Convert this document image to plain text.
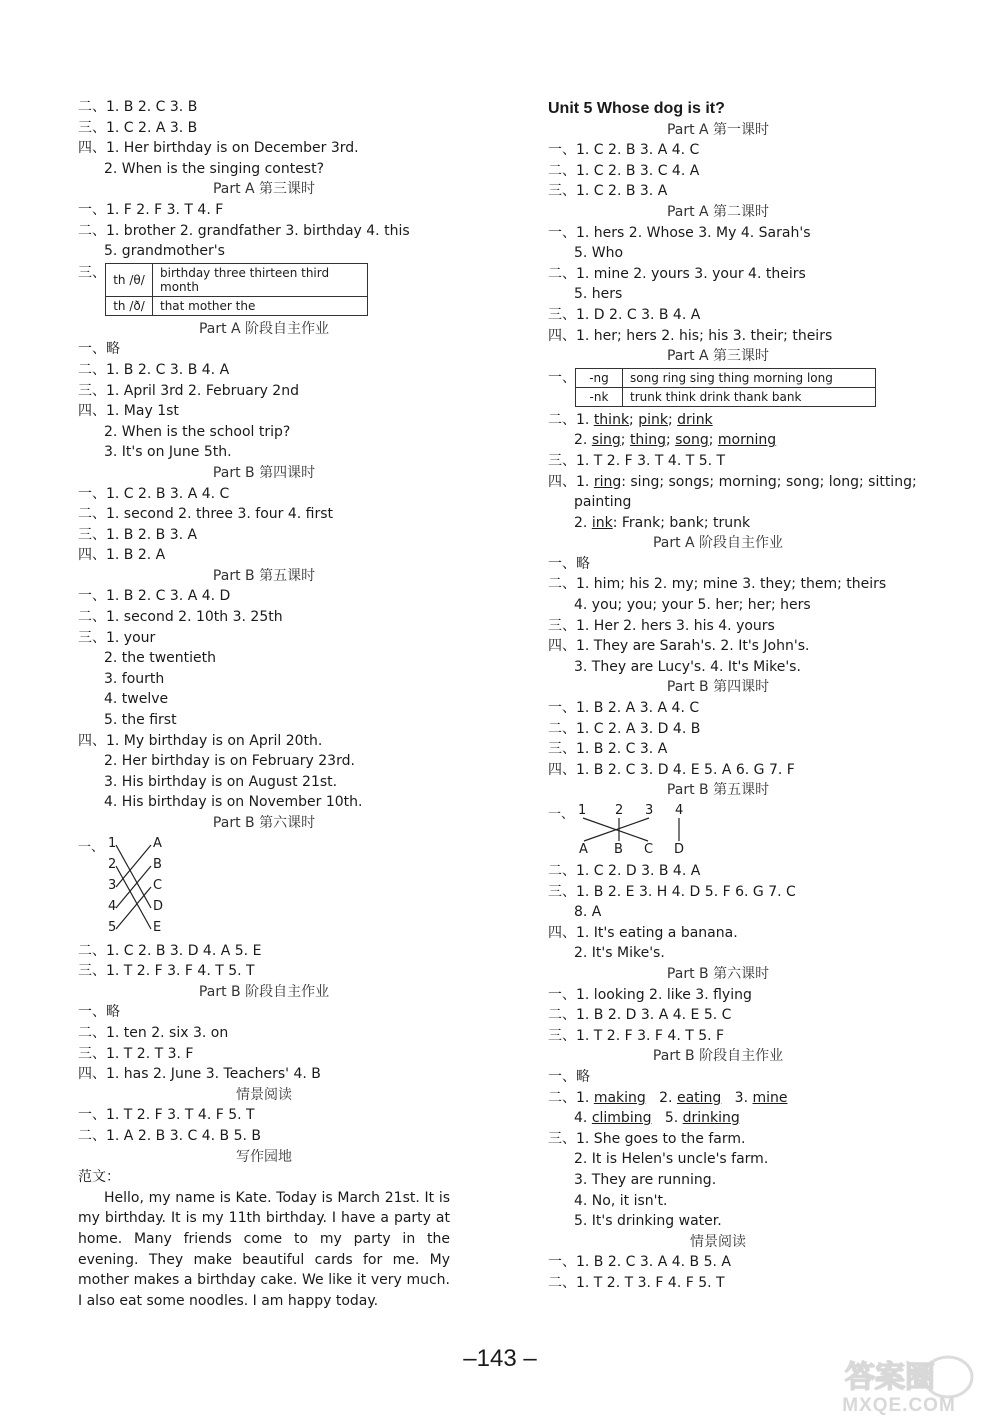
二、1. B 2. C 3. B
三、1. C 2. A 3. B
四、1. Her birthday is on December 3rd.
2. When is the singing contest?
Part A 第三课时
一、1. F 2. F 3. T 4. F
二、1. brother 2. grandfather 3. birthday 4. this
5. grandmother's
三、 th /θ/	birthday three thirteen third
month

th /ð/	that mother the
Part A 阶段自主作业
一、略
二、1. B 2. C 3. B 4. A
三、1. April 3rd 2. February 2nd
四、1. May 1st
2. When is the school trip?
3. It's on June 5th.
Part B 第四课时
一、1. C 2. B 3. A 4. C
二、1. second 2. three 3. four 4. first
三、1. B 2. B 3. A
四、1. B 2. A
Part B 第五课时
一、1. B 2. C 3. A 4. D
二、1. second 2. 10th 3. 25th
三、1. your
2. the twentieth
3. fourth
4. twelve
5. the first
四、1. My birthday is on April 20th.
2. Her birthday is on February 23rd.
3. His birthday is on August 21st.
4. His birthday is on November 10th.
Part B 第六课时
一、 1
2
3
4
5
A
B
C
D
E
二、1. C 2. B 3. D 4. A 5. E
三、1. T 2. F 3. F 4. T 5. T
Part B 阶段自主作业
一、略
二、1. ten 2. six 3. on
三、1. T 2. T 3. F
四、1. has 2. June 3. Teachers' 4. B
情景阅读
一、1. T 2. F 3. T 4. F 5. T
二、1. A 2. B 3. C 4. B 5. B
写作园地
范文：

Hello, my name is Kate. Today is March 21st. It is my birthday. It is my 11th birthday. I have a party at home. Many friends come to my party in the evening. They make beautiful cards for me. My mother makes a birthday cake. We like it very much. I also eat some noodles. I am happy today.

Unit 5 Whose dog is it?
Part A 第一课时
一、1. C 2. B 3. A 4. C
二、1. C 2. B 3. C 4. A
三、1. C 2. B 3. A
Part A 第二课时
一、1. hers 2. Whose 3. My 4. Sarah's
5. Who
二、1. mine 2. yours 3. your 4. theirs
5. hers
三、1. D 2. C 3. B 4. A
四、1. her; hers 2. his; his 3. their; theirs
Part A 第三课时
一、 -ng	song ring sing thing morning long
-nk	trunk think drink thank bank
二、1. think; pink; drink
2. sing; thing; song; morning
三、1. T 2. F 3. T 4. T 5. T
四、1. ring: sing; songs; morning; song; long; sitting;
painting
2. ink: Frank; bank; trunk
Part A 阶段自主作业
一、略
二、1. him; his 2. my; mine 3. they; them; theirs
4. you; you; your 5. her; her; hers
三、1. Her 2. hers 3. his 4. yours
四、1. They are Sarah's. 2. It's John's.
3. They are Lucy's. 4. It's Mike's.
Part B 第四课时
一、1. B 2. A 3. A 4. C
二、1. C 2. A 3. D 4. B
三、1. B 2. C 3. A
四、1. B 2. C 3. D 4. E 5. A 6. G 7. F
Part B 第五课时
一、 1 2 3 4
A B C D
二、1. C 2. D 3. B 4. A
三、1. B 2. E 3. H 4. D 5. F 6. G 7. C
8. A
四、1. It's eating a banana.
2. It's Mike's.
Part B 第六课时
一、1. looking 2. like 3. flying
二、1. B 2. D 3. A 4. E 5. C
三、1. T 2. F 3. F 4. T 5. F
Part B 阶段自主作业
一、略
二、1. making   2. eating   3. mine
4. climbing   5. drinking
三、1. She goes to the farm.
2. It is Helen's uncle's farm.
3. They are running.
4. No, it isn't.
5. It's drinking water.
情景阅读
一、1. B 2. C 3. A 4. B 5. A
二、1. T 2. T 3. F 4. F 5. T
–143 –
答案圈
MXQE.COM
